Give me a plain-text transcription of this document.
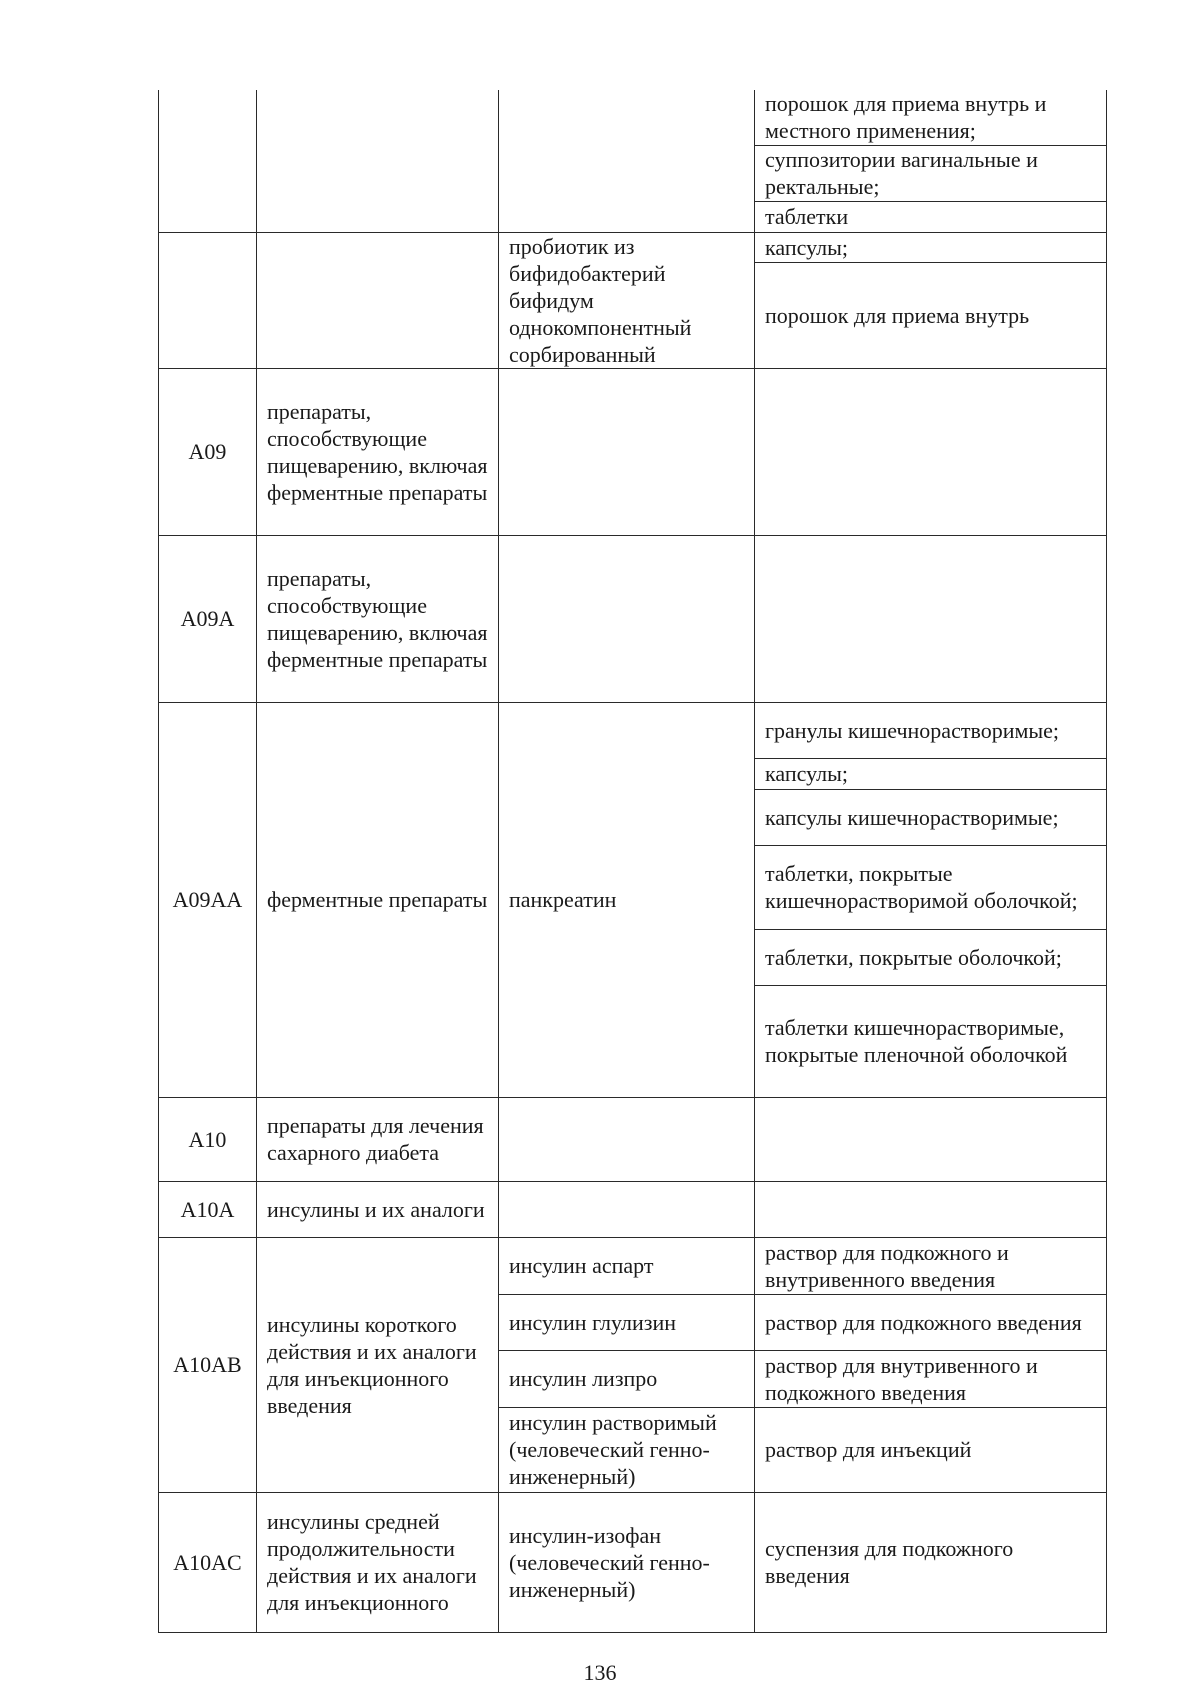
			порошок для приема внутрь и местного применения;
			суппозитории вагинальные и ректальные;
			таблетки
		пробиотик из бифидобактерий бифидум однокомпонентный сорбированный	капсулы;
			порошок для приема внутрь
A09	препараты, способствующие пищеварению, включая ферментные препараты		
A09A	препараты, способствующие пищеварению, включая ферментные препараты		
A09AA	ферментные препараты	панкреатин	гранулы кишечнорастворимые;
			капсулы;
			капсулы кишечнорастворимые;
			таблетки, покрытые кишечнорастворимой оболочкой;
			таблетки, покрытые оболочкой;
			таблетки кишечнорастворимые, покрытые пленочной оболочкой
A10	препараты для лечения сахарного диабета		
A10A	инсулины и их аналоги		
A10AB	инсулины короткого действия и их аналоги для инъекционного введения	инсулин аспарт	раствор для подкожного и внутривенного введения
		инсулин глулизин	раствор для подкожного введения
		инсулин лизпро	раствор для внутривенного и подкожного введения
		инсулин растворимый (человеческий генно-инженерный)	раствор для инъекций
A10AC	инсулины средней продолжительности действия и их аналоги для инъекционного	инсулин-изофан (человеческий генно-инженерный)	суспензия для подкожного введения
136
